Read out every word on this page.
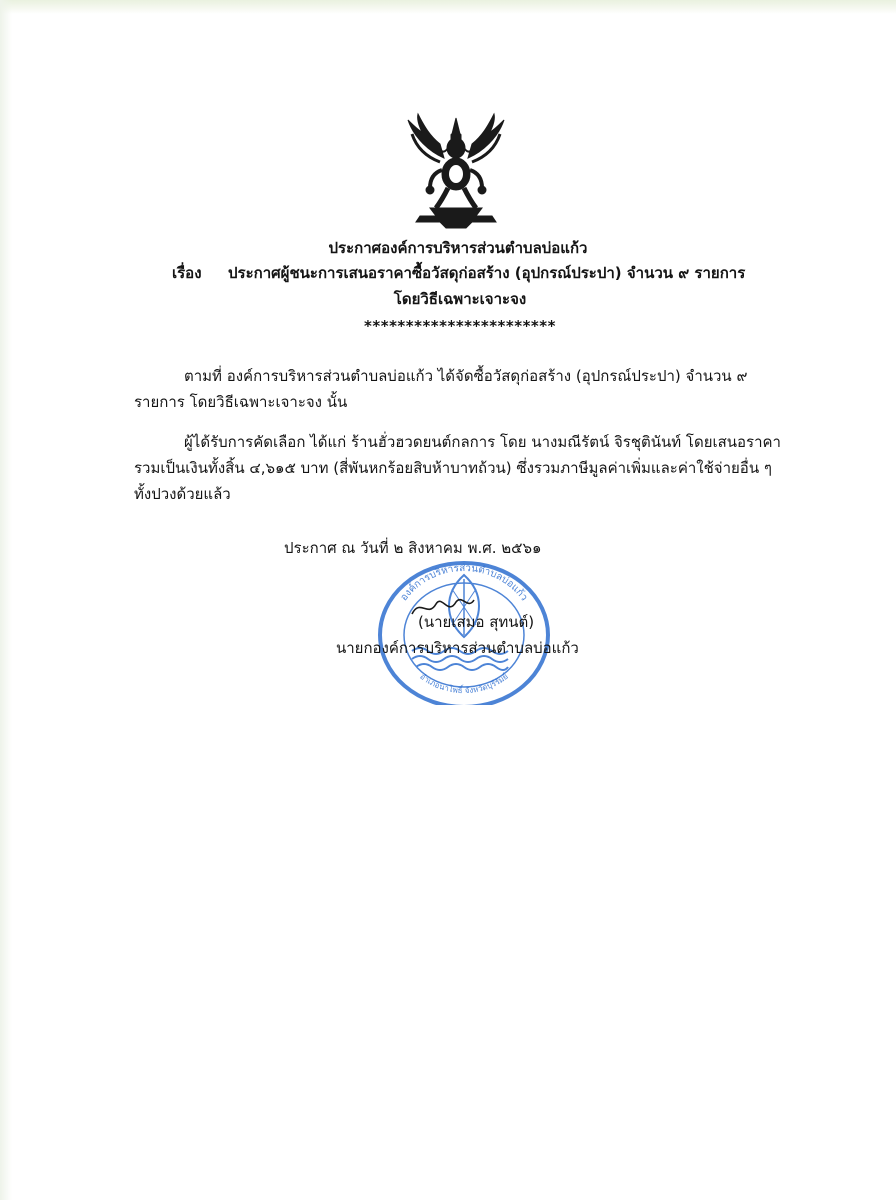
ประกาศองค์การบริหารส่วนตำบลบ่อแก้ว
เรื่อง ประกาศผู้ชนะการเสนอราคาซื้อวัสดุก่อสร้าง (อุปกรณ์ประปา) จำนวน ๙ รายการ
โดยวิธีเฉพาะเจาะจง
***********************
ตามที่ องค์การบริหารส่วนตำบลบ่อแก้ว ได้จัดซื้อวัสดุก่อสร้าง (อุปกรณ์ประปา) จำนวน ๙
รายการ โดยวิธีเฉพาะเจาะจง นั้น
ผู้ได้รับการคัดเลือก ได้แก่ ร้านฮั่วฮวดยนต์กลการ โดย นางมณีรัตน์ จิรชุตินันท์ โดยเสนอราคา
รวมเป็นเงินทั้งสิ้น ๔,๖๑๕ บาท (สี่พันหกร้อยสิบห้าบาทถ้วน) ซึ่งรวมภาษีมูลค่าเพิ่มและค่าใช้จ่ายอื่น ๆ
ทั้งปวงด้วยแล้ว
องค์การบริหารส่วนตำบลบ่อแก้ว
อำเภอนาโพธิ์ จังหวัดบุรีรัมย์
ประกาศ ณ วันที่ ๒ สิงหาคม พ.ศ. ๒๕๖๑
(นายเสมอ สุทนต์)
นายกองค์การบริหารส่วนตำบลบ่อแก้ว
